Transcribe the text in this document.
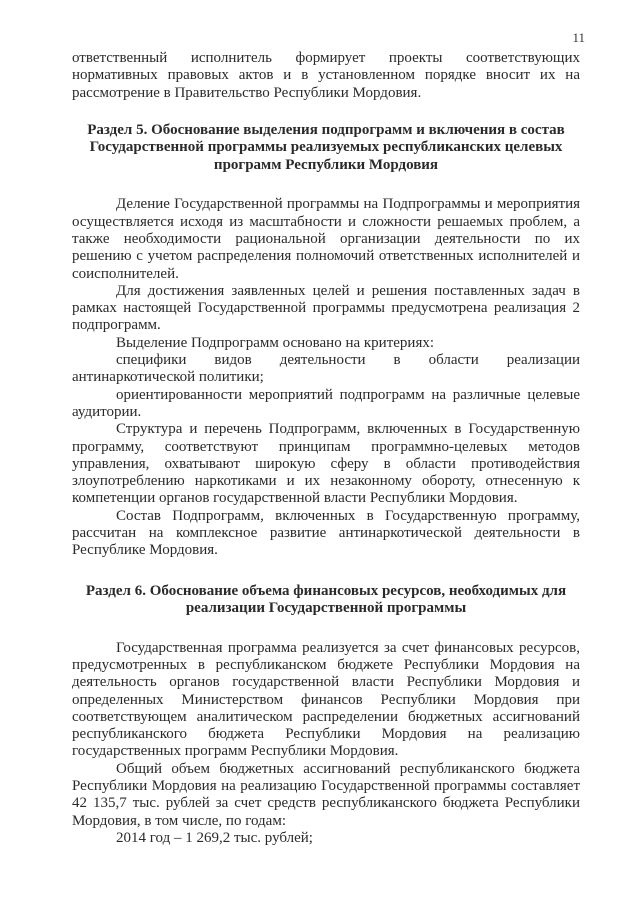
11

ответственный исполнитель формирует проекты соответствующих нормативных правовых актов и в установленном порядке вносит их на рассмотрение в Правительство Республики Мордовия.

Раздел 5. Обоснование выделения подпрограмм и включения в состав Государственной программы реализуемых республиканских целевых программ Республики Мордовия

Деление Государственной программы на Подпрограммы и мероприятия осуществляется исходя из масштабности и сложности решаемых проблем, а также необходимости рациональной организации деятельности по их решению с учетом распределения полномочий ответственных исполнителей и соисполнителей.

Для достижения заявленных целей и решения поставленных задач в рамках настоящей Государственной программы предусмотрена реализация 2 подпрограмм.

Выделение Подпрограмм основано на критериях:

специфики видов деятельности в области реализации антинаркотической политики;

ориентированности мероприятий подпрограмм на различные целевые аудитории.

Структура и перечень Подпрограмм, включенных в Государственную программу, соответствуют принципам программно-целевых методов управления, охватывают широкую сферу в области противодействия злоупотреблению наркотиками и их незаконному обороту, отнесенную к компетенции органов государственной власти Республики Мордовия.

Состав Подпрограмм, включенных в Государственную программу, рассчитан на комплексное развитие антинаркотической деятельности в Республике Мордовия.

Раздел 6. Обоснование объема финансовых ресурсов, необходимых для реализации Государственной программы

Государственная программа реализуется за счет финансовых ресурсов, предусмотренных в республиканском бюджете Республики Мордовия на деятельность органов государственной власти Республики Мордовия и определенных Министерством финансов Республики Мордовия при соответствующем аналитическом распределении бюджетных ассигнований республиканского бюджета Республики Мордовия на реализацию государственных программ Республики Мордовия.

Общий объем бюджетных ассигнований республиканского бюджета Республики Мордовия на реализацию Государственной программы составляет 42 135,7 тыс. рублей за счет средств республиканского бюджета Республики Мордовия, в том числе, по годам:

2014 год – 1 269,2 тыс. рублей;
